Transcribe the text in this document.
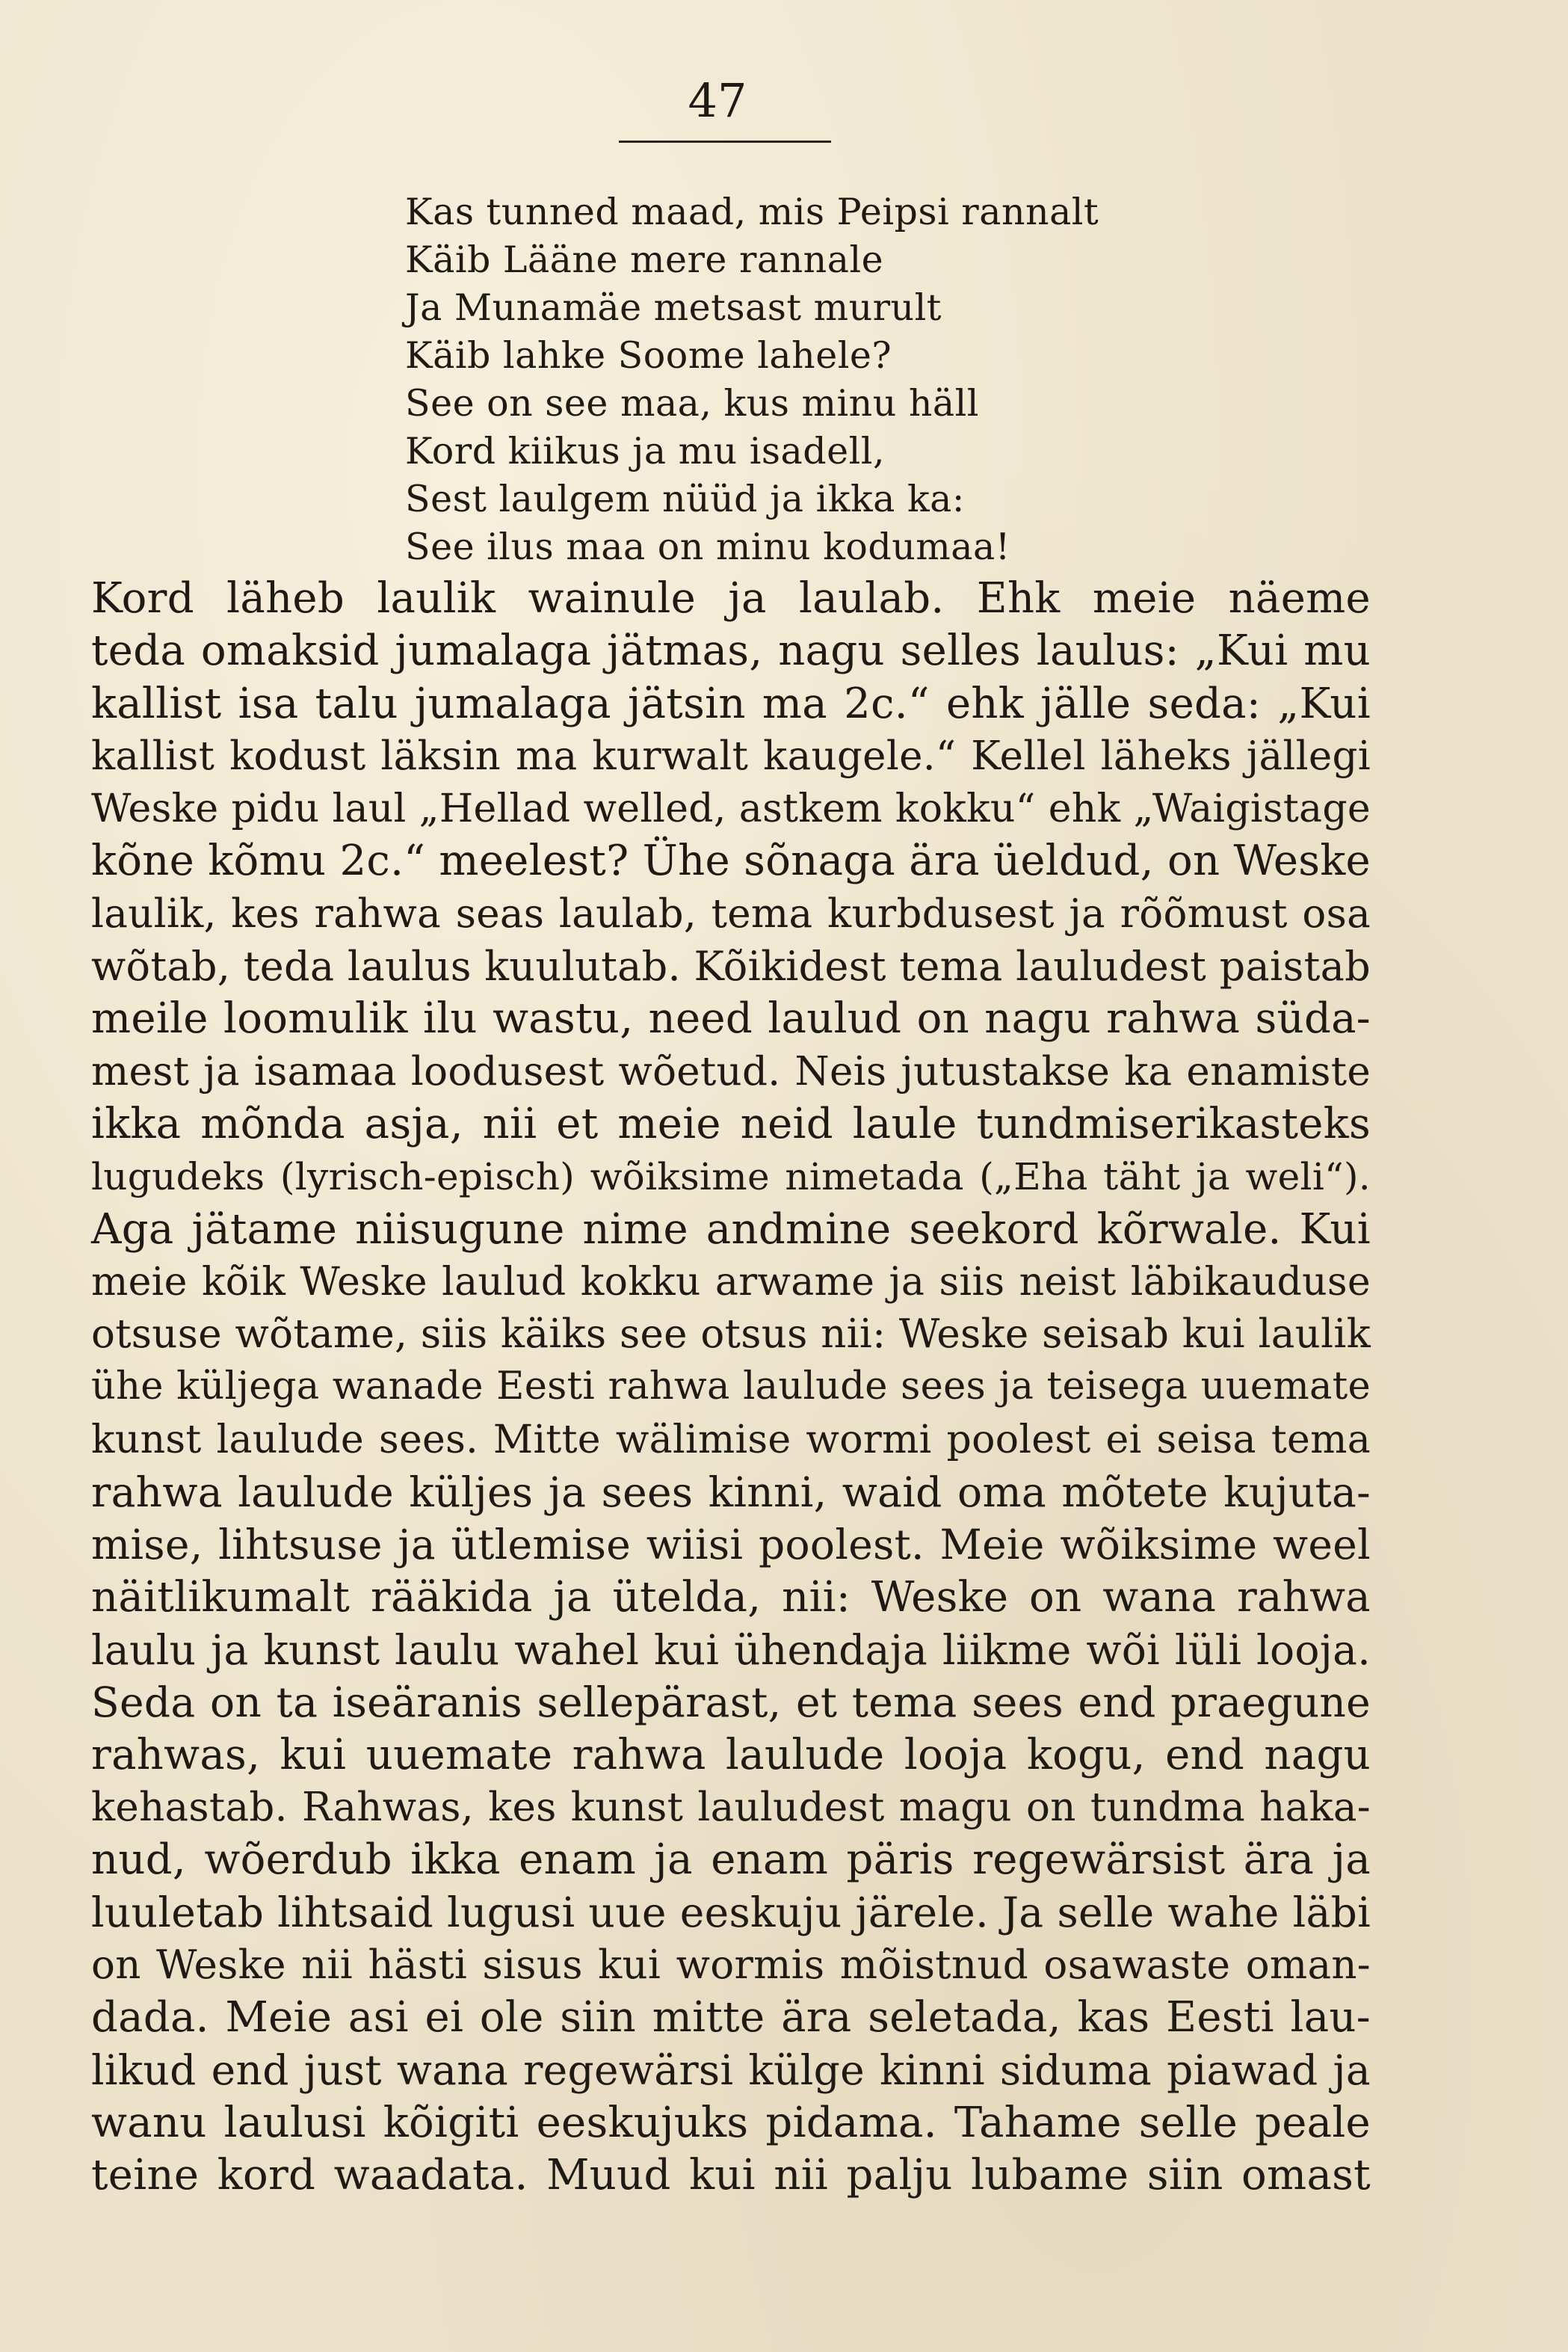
47
Kas tunned maad, mis Peipsi rannalt
Käib Lääne mere rannale
Ja Munamäe metsast murult
Käib lahke Soome lahele?
See on see maa, kus minu häll
Kord kiikus ja mu isadell,
Sest laulgem nüüd ja ikka ka:
See ilus maa on minu kodumaa!
Kord läheb laulik wainule ja laulab. Ehk meie näeme
teda omaksid jumalaga jätmas, nagu selles laulus: „Kui mu
kallist isa talu jumalaga jätsin ma 2c.“ ehk jälle seda: „Kui
kallist kodust läksin ma kurwalt kaugele.“ Kellel läheks jällegi
Weske pidu laul „Hellad welled, astkem kokku“ ehk „Waigistage
kõne kõmu 2c.“ meelest? Ühe sõnaga ära üeldud, on Weske
laulik, kes rahwa seas laulab, tema kurbdusest ja rõõmust osa
wõtab, teda laulus kuulutab. Kõikidest tema lauludest paistab
meile loomulik ilu wastu, need laulud on nagu rahwa süda-
mest ja isamaa loodusest wõetud. Neis jutustakse ka enamiste
ikka mõnda asja, nii et meie neid laule tundmiserikasteks
lugudeks (lyrisch-episch) wõiksime nimetada („Eha täht ja weli“).
Aga jätame niisugune nime andmine seekord kõrwale. Kui
meie kõik Weske laulud kokku arwame ja siis neist läbikauduse
otsuse wõtame, siis käiks see otsus nii: Weske seisab kui laulik
ühe küljega wanade Eesti rahwa laulude sees ja teisega uuemate
kunst laulude sees. Mitte wälimise wormi poolest ei seisa tema
rahwa laulude küljes ja sees kinni, waid oma mõtete kujuta-
mise, lihtsuse ja ütlemise wiisi poolest. Meie wõiksime weel
näitlikumalt rääkida ja ütelda, nii: Weske on wana rahwa
laulu ja kunst laulu wahel kui ühendaja liikme wõi lüli looja.
Seda on ta iseäranis sellepärast, et tema sees end praegune
rahwas, kui uuemate rahwa laulude looja kogu, end nagu
kehastab. Rahwas, kes kunst lauludest magu on tundma haka-
nud, wõerdub ikka enam ja enam päris regewärsist ära ja
luuletab lihtsaid lugusi uue eeskuju järele. Ja selle wahe läbi
on Weske nii hästi sisus kui wormis mõistnud osawaste oman-
dada. Meie asi ei ole siin mitte ära seletada, kas Eesti lau-
likud end just wana regewärsi külge kinni siduma piawad ja
wanu laulusi kõigiti eeskujuks pidama. Tahame selle peale
teine kord waadata. Muud kui nii palju lubame siin omast
